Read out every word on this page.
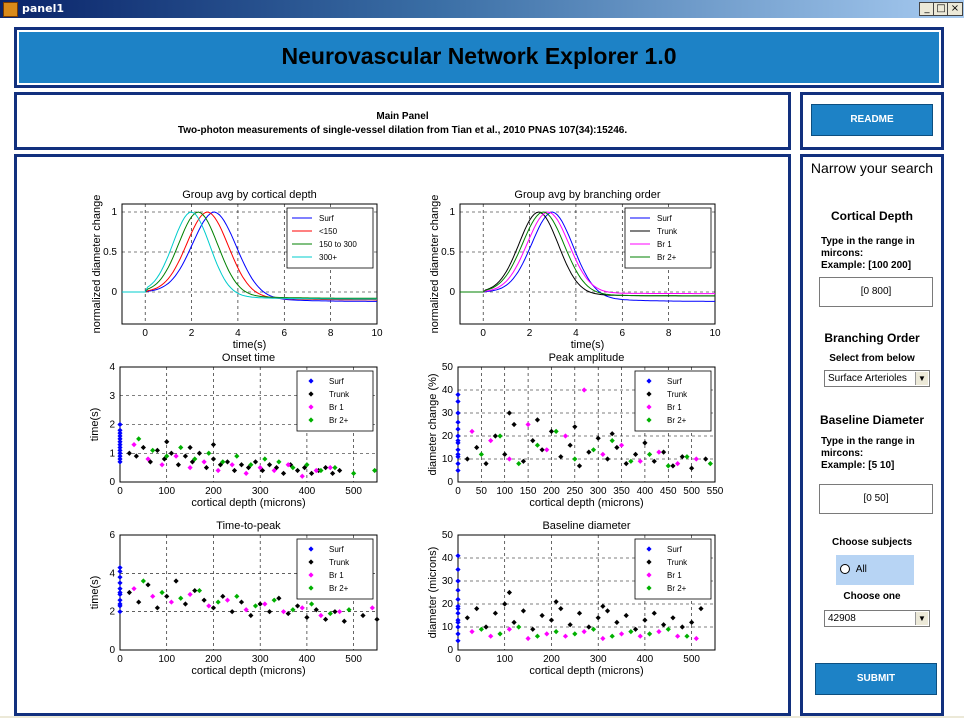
panel1	_ □ ×
Neurovascular Network Explorer 1.0
Main Panel
Two-photon measurements of single-vessel dilation from Tian et al., 2010 PNAS 107(34):15246.
README
Group avg by cortical depth
0	2	4	6	8	10
0
0.5
1
time(s)
normalized diameter change	Surf
<150
150 to 300
300+
Group avg by branching order
0	2	4	6	8	10
0
0.5
1
time(s)
normalized diameter change	Surf
Trunk
Br 1
Br 2+
Onset time
0	100	200	300	400	500
0
1
2
3
4
cortical depth (microns)
time(s)
Surf
Trunk
Br 1
Br 2+
Peak amplitude
0 50 100 150 200 250 300 350 400 450 500 550
0
10
20
30
40
50
cortical depth (microns)
diameter change (%)	Surf
Trunk
Br 1
Br 2+
Time-to-peak
0	100	200	300	400	500
0
2
4
6
cortical depth (microns)
time(s)
Surf
Trunk
Br 1
Br 2+
Baseline diameter
0	100	200	300	400	500
0
10
20
30
40
50
cortical depth (microns)
diameter (microns)	Surf
Trunk
Br 1
Br 2+
Narrow your search
Cortical Depth
Type in the range in
mircons:
Example: [100 200]
[0 800]
Branching Order
Select from below
Surface Arterioles	▼
Baseline Diameter
Type in the range in
mircons:
Example: [5 10]
[0 50]
Choose subjects
All
Choose one
42908	▼
SUBMIT
